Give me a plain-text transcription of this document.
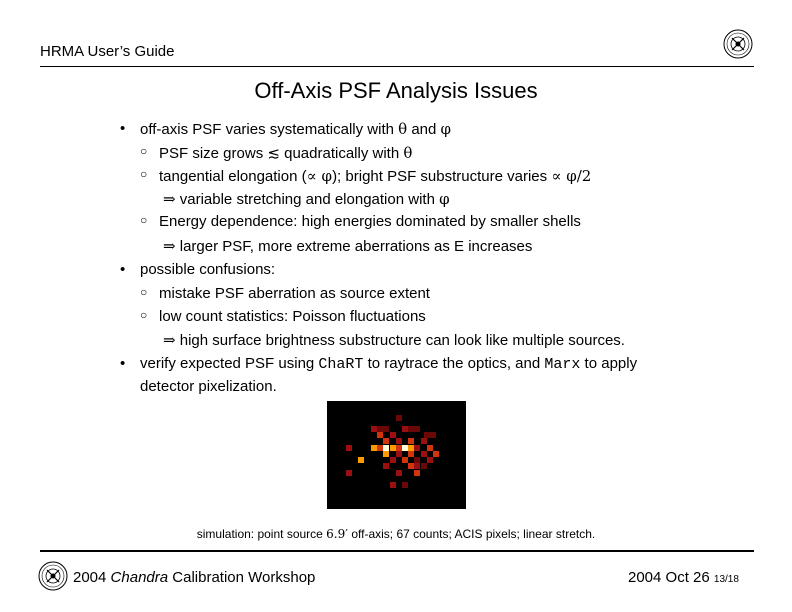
HRMA User’s Guide
Off-Axis PSF Analysis Issues
• off-axis PSF varies systematically with θ and φ
○ PSF size grows ≲ quadratically with θ
○ tangential elongation (∝ φ); bright PSF substructure varies ∝ φ/2
⇒ variable stretching and elongation with φ
○ Energy dependence: high energies dominated by smaller shells
⇒ larger PSF, more extreme aberrations as E increases
• possible confusions:
○ mistake PSF aberration as source extent
○ low count statistics: Poisson fluctuations
⇒ high surface brightness substructure can look like multiple sources.
• verify expected PSF using ChaRT to raytrace the optics, and Marx to apply
detector pixelization.
simulation: point source 6.9′ off-axis; 67 counts; ACIS pixels; linear stretch.
2004 Chandra Calibration Workshop	2004 Oct 26 13/18
